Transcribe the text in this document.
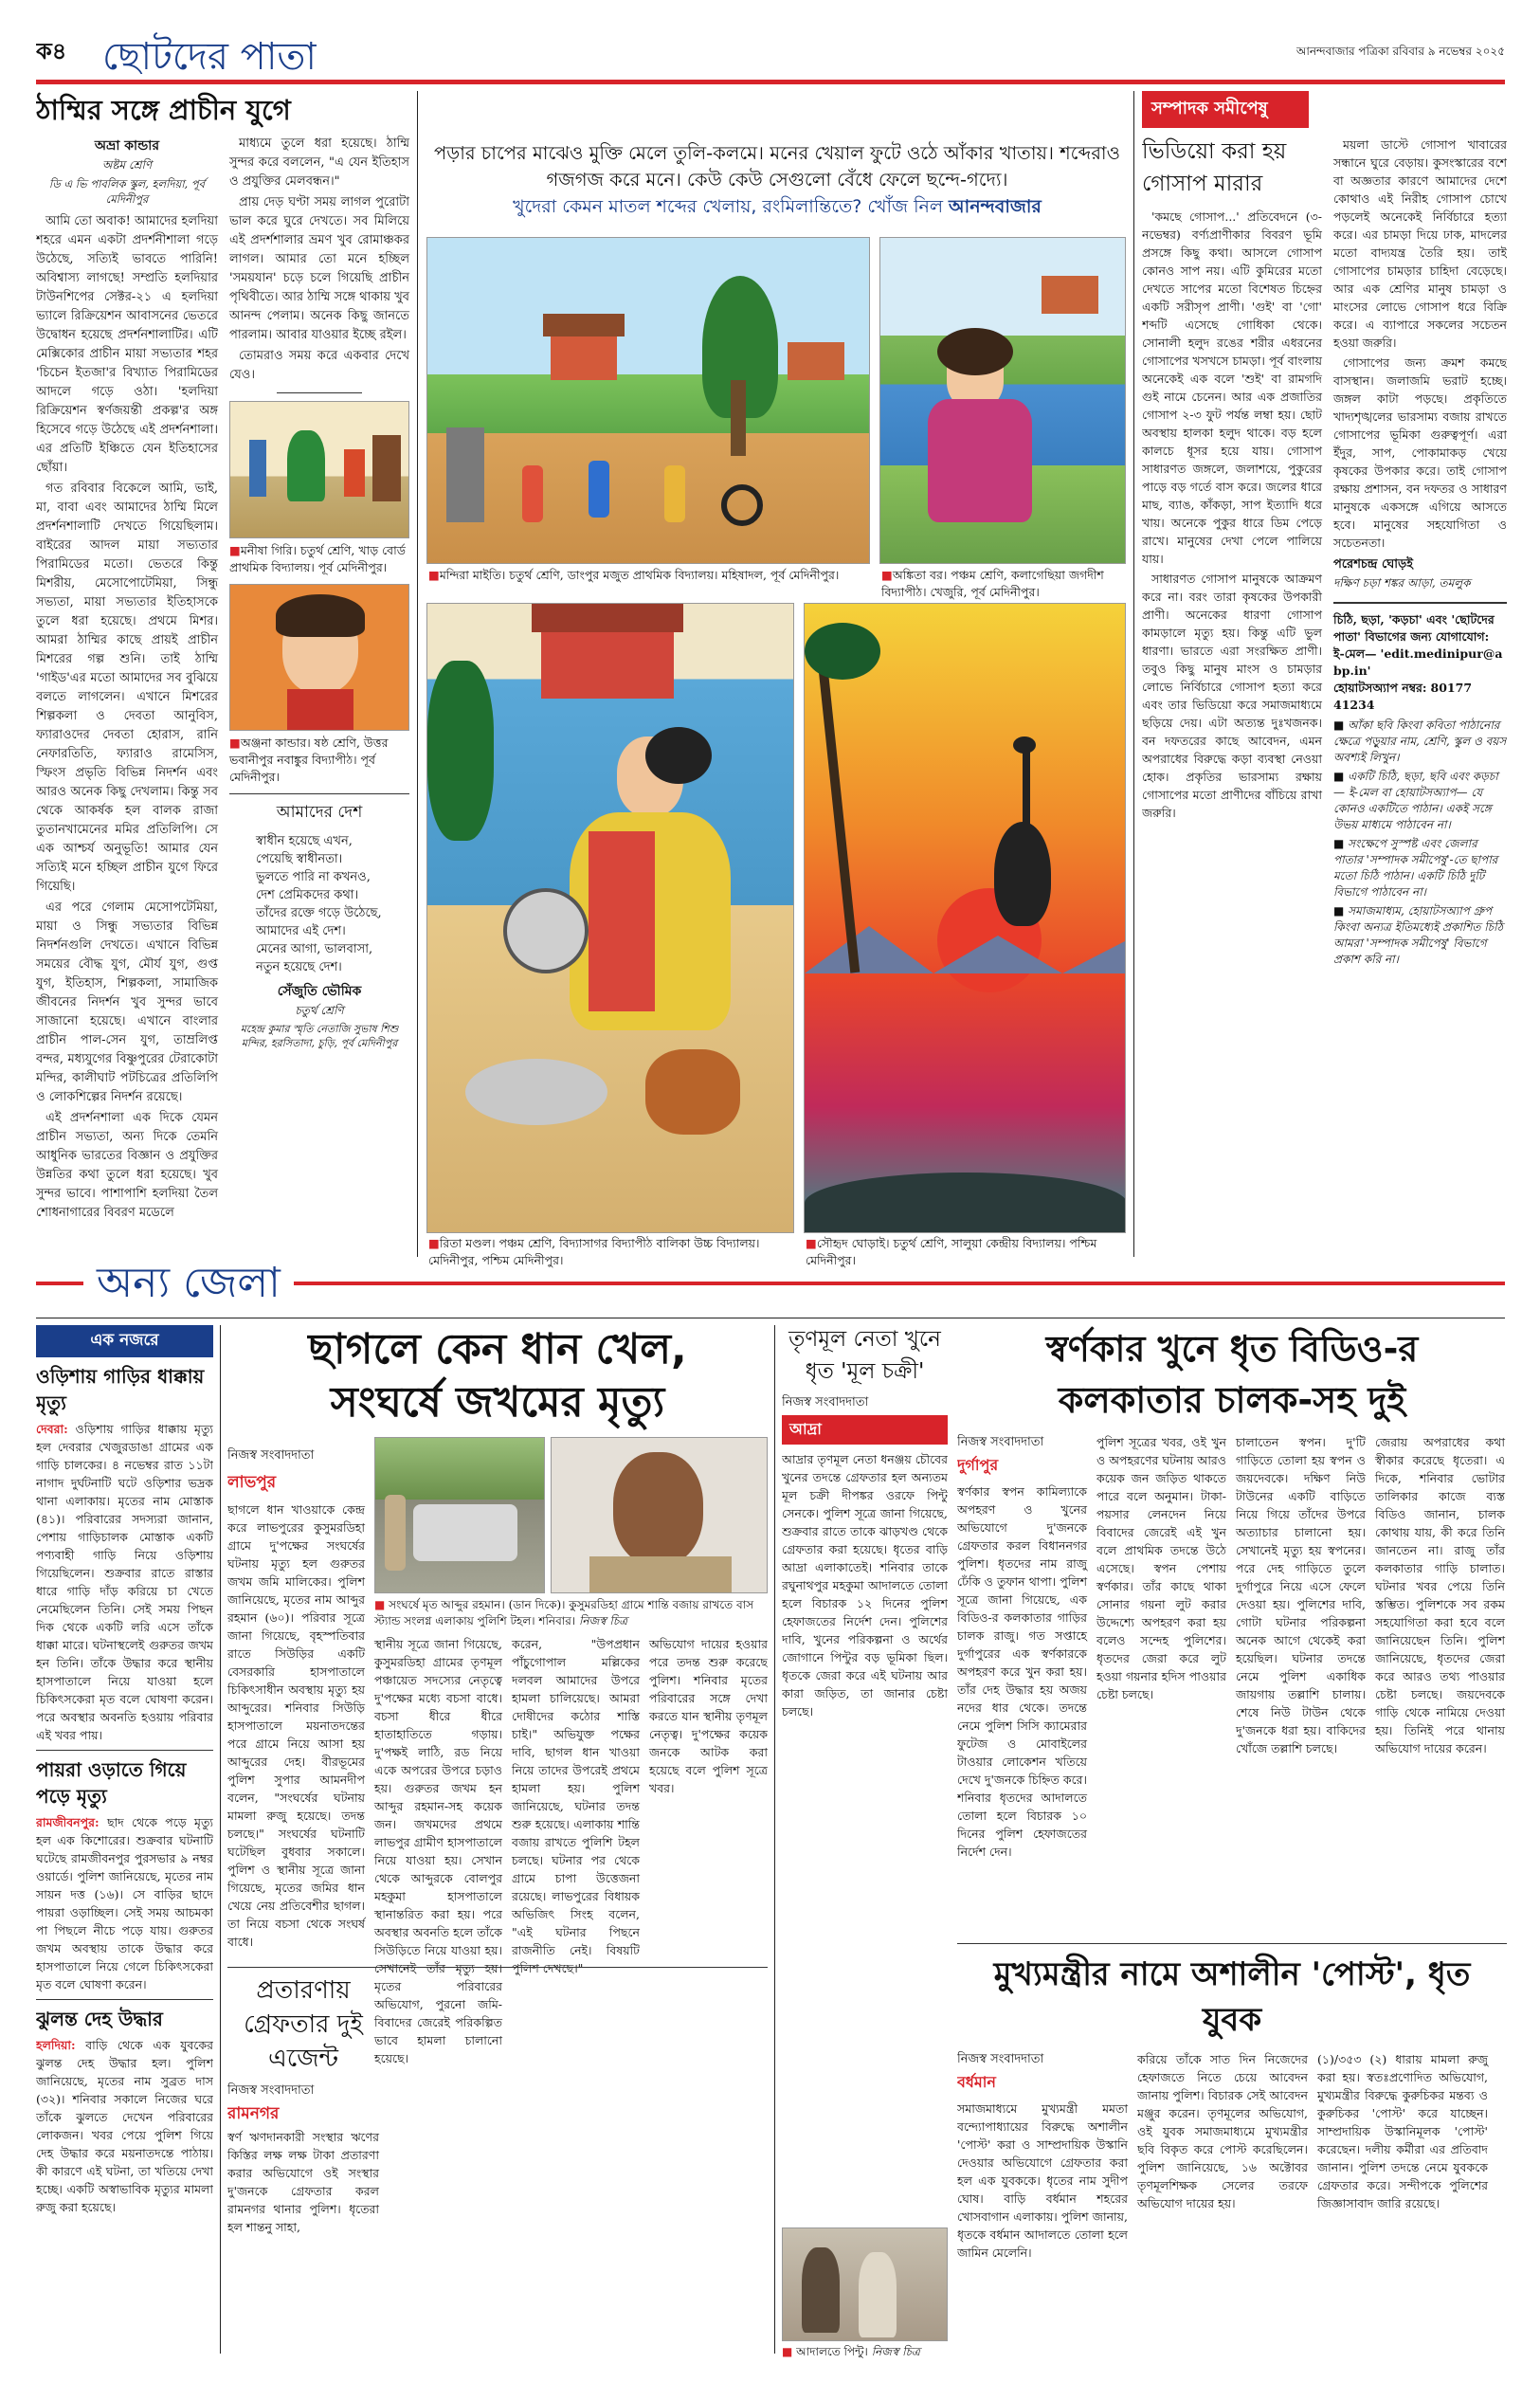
ক৪ ছোটদের পাতা	আনন্দবাজার পত্রিকা রবিবার ৯ নভেম্বর ২০২৫
ঠাম্মির সঙ্গে প্রাচীন যুগে
অভ্রা কান্ডার
অষ্টম শ্রেণি
ডি এ ভি পাবলিক স্কুল, হলদিয়া, পূর্ব মেদিনীপুর

আমি তো অবাক! আমাদের হলদিয়া শহরে এমন একটা প্রদর্শনীশালা গড়ে উঠেছে, সত্যিই ভাবতে পারিনি! অবিশ্বাস্য লাগছে! সম্প্রতি হলদিয়ার টাউনশিপের সেক্টর-২১ এ হলদিয়া ভ্যালে রিক্রিয়েশন আবাসনের ভেতরে উদ্বোধন হয়েছে প্রদর্শনশালাটির। এটি মেক্সিকোর প্রাচীন মায়া সভ্যতার শহর 'চিচেন ইতজা'র বিখ্যাত পিরামিডের আদলে গড়ে ওঠা। 'হলদিয়া রিক্রিয়েশন স্বর্ণজয়ন্তী প্রকল্প'র অঙ্গ হিসেবে গড়ে উঠেছে এই প্রদর্শনশালা। এর প্রতিটি ইঞ্চিতে যেন ইতিহাসের ছোঁয়া।

গত রবিবার বিকেলে আমি, ভাই, মা, বাবা এবং আমাদের ঠাম্মি মিলে প্রদর্শনশালাটি দেখতে গিয়েছিলাম। বাইরের আদল মায়া সভ্যতার পিরামিডের মতো। ভেতরে কিন্তু মিশরীয়, মেসোপোটেমিয়া, সিন্ধু সভ্যতা, মায়া সভ্যতার ইতিহাসকে তুলে ধরা হয়েছে। প্রথমে মিশর। আমরা ঠাম্মির কাছে প্রায়ই প্রাচীন মিশরের গল্প শুনি। তাই ঠাম্মি 'গাইড'এর মতো আমাদের সব বুঝিয়ে বলতে লাগলেন। এখানে মিশরের শিল্পকলা ও দেবতা আনুবিস, ফ্যারাওদের দেবতা হোরাস, রানি নেফারতিতি, ফ্যারাও রামেসিস, স্ফিংস প্রভৃতি বিভিন্ন নিদর্শন এবং আরও অনেক কিছু দেখলাম। কিন্তু সব থেকে আকর্ষক হল বালক রাজা তুতানখামেনের মমির প্রতিলিপি। সে এক আশ্চর্য অনুভূতি! আমার যেন সত্যিই মনে হচ্ছিল প্রাচীন যুগে ফিরে গিয়েছি।

এর পরে গেলাম মেসোপটেমিয়া, মায়া ও সিন্ধু সভ্যতার বিভিন্ন নিদর্শনগুলি দেখতে। এখানে বিভিন্ন সময়ের বৌদ্ধ যুগ, মৌর্য যুগ, গুপ্ত যুগ, ইতিহাস, শিল্পকলা, সামাজিক জীবনের নিদর্শন খুব সুন্দর ভাবে সাজানো হয়েছে। এখানে বাংলার প্রাচীন পাল-সেন যুগ, তাম্রলিপ্ত বন্দর, মধ্যযুগের বিষ্ণুপুরের টেরাকোটা মন্দির, কালীঘাট পটচিত্রের প্রতিলিপি ও লোকশিল্পের নিদর্শন রয়েছে।

এই প্রদর্শনশালা এক দিকে যেমন প্রাচীন সভ্যতা, অন্য দিকে তেমনি আধুনিক ভারতের বিজ্ঞান ও প্রযুক্তির উন্নতির কথা তুলে ধরা হয়েছে। খুব সুন্দর ভাবে। পাশাপাশি হলদিয়া তৈল শোধনাগারের বিবরণ মডেলে

মাধ্যমে তুলে ধরা হয়েছে। ঠাম্মি সুন্দর করে বললেন, "এ যেন ইতিহাস ও প্রযুক্তির মেলবন্ধন।"

প্রায় দেড় ঘণ্টা সময় লাগল পুরোটা ভাল করে ঘুরে দেখতে। সব মিলিয়ে এই প্রদর্শশালার ভ্রমণ খুব রোমাঞ্চকর লাগল। আমার তো মনে হচ্ছিল 'সময়যান' চড়ে চলে গিয়েছি প্রাচীন পৃথিবীতে। আর ঠাম্মি সঙ্গে থাকায় খুব আনন্দ পেলাম। অনেক কিছু জানতে পারলাম। আবার যাওয়ার ইচ্ছে রইল।

তোমরাও সময় করে একবার দেখে যেও।

■ মনীষা গিরি। চতুর্থ শ্রেণি, খাড় বোর্ড প্রাথমিক বিদ্যালয়। পূর্ব মেদিনীপুর।
■ অঞ্জনা কান্ডার। ষষ্ঠ শ্রেণি, উত্তর ভবানীপুর নবাঙ্কুর বিদ্যাপীঠ। পূর্ব মেদিনীপুর।
আমাদের দেশ
স্বাধীন হয়েছে এখন,
পেয়েছি স্বাধীনতা।
ভুলতে পারি না কখনও,
দেশ প্রেমিকদের কথা।
তাঁদের রক্তে গড়ে উঠেছে,
আমাদের এই দেশ।
মেনের আগা, ভালবাসা,
নতুন হয়েছে দেশ।
সেঁজুতি ভৌমিক
চতুর্থ শ্রেণি
মহেন্দ্র কুমার স্মৃতি নেতাজি সুভাষ শিশু মন্দির, হরসিতাদা, চুড়ি, পূর্ব মেদিনীপুর
পড়ার চাপের মাঝেও মুক্তি মেলে তুলি-কলমে। মনের খেয়াল ফুটে ওঠে আঁকার খাতায়। শব্দেরাও গজগজ করে মনে। কেউ কেউ সেগুলো বেঁধে ফেলে ছন্দে-গদ্যে।
খুদেরা কেমন মাতল শব্দের খেলায়, রংমিলান্তিতে? খোঁজ নিল আনন্দবাজার
■ মন্দিরা মাইতি। চতুর্থ শ্রেণি, ডাংপুর মজুত প্রাথমিক বিদ্যালয়। মহিষাদল, পূর্ব মেদিনীপুর।	■ অঙ্কিতা বর। পঞ্চম শ্রেণি, কলাগেছিয়া জগদীশ বিদ্যাপীঠ। খেজুরি, পূর্ব মেদিনীপুর।
■ রিতা মণ্ডল। পঞ্চম শ্রেণি, বিদ্যাসাগর বিদ্যাপীঠ বালিকা উচ্চ বিদ্যালয়। মেদিনীপুর, পশ্চিম মেদিনীপুর।
■ সৌহৃদ ঘোড়াই। চতুর্থ শ্রেণি, সালুয়া কেন্দ্রীয় বিদ্যালয়। পশ্চিম মেদিনীপুর।
সম্পাদক সমীপেষু
ভিডিয়ো করা হয় গোসাপ মারার

'কমছে গোসাপ...' প্রতিবেদনে (৩-নভেম্বর) বর্ণ্যপ্রাণীকার বিবরণ ভূমি প্রসঙ্গে কিছু কথা। আসলে গোসাপ কোনও সাপ নয়। এটি কুমিরের মতো দেখতে সাপের মতো বিশেষত চিহ্নের একটি সরীসৃপ প্রাণী। 'গুই' বা 'গো' শব্দটি এসেছে গোধিকা থেকে। সোনালী হলুদ রঙের শরীর এধরনের গোসাপের খসখসে চামড়া। পূর্ব বাংলায় অনেকেই এক বলে 'শুই' বা রামগদি গুই নামে চেনেন। আর এক প্রজাতির গোসাপ ২-৩ ফুট পর্যন্ত লম্বা হয়। ছোট অবস্থায় হালকা হলুদ থাকে। বড় হলে কালচে ধূসর হয়ে যায়। গোসাপ সাধারণত জঙ্গলে, জলাশয়ে, পুকুরের পাড়ে বড় গর্তে বাস করে। জলের ধারে মাছ, ব্যাঙ, কাঁকড়া, সাপ ইত্যাদি ধরে খায়। অনেকে পুকুর ধারে ডিম পেড়ে রাখে। মানুষের দেখা পেলে পালিয়ে যায়।

সাধারণত গোসাপ মানুষকে আক্রমণ করে না। বরং তারা কৃষকের উপকারী প্রাণী। অনেকের ধারণা গোসাপ কামড়ালে মৃত্যু হয়। কিন্তু এটি ভুল ধারণা। ভারতে এরা সংরক্ষিত প্রাণী। তবুও কিছু মানুষ মাংস ও চামড়ার লোভে নির্বিচারে গোসাপ হত্যা করে এবং তার ভিডিয়ো করে সমাজমাধ্যমে ছড়িয়ে দেয়। এটা অত্যন্ত দুঃখজনক। বন দফতরের কাছে আবেদন, এমন অপরাধের বিরুদ্ধে কড়া ব্যবস্থা নেওয়া হোক। প্রকৃতির ভারসাম্য রক্ষায় গোসাপের মতো প্রাণীদের বাঁচিয়ে রাখা জরুরি।

ময়লা ডাস্টে গোসাপ খাবারের সন্ধানে ঘুরে বেড়ায়। কুসংস্কারের বশে বা অজ্ঞতার কারণে আমাদের দেশে কোথাও এই নিরীহ গোসাপ চোখে পড়লেই অনেকেই নির্বিচারে হত্যা করে। এর চামড়া দিয়ে ঢাক, মাদলের মতো বাদ্যযন্ত্র তৈরি হয়। তাই গোসাপের চামড়ার চাহিদা বেড়েছে। আর এক শ্রেণির মানুষ চামড়া ও মাংসের লোভে গোসাপ ধরে বিক্রি করে। এ ব্যাপারে সকলের সচেতন হওয়া জরুরি।

গোসাপের জন্য ক্রমশ কমছে বাসস্থান। জলাজমি ভরাট হচ্ছে। জঙ্গল কাটা পড়ছে। প্রকৃতিতে খাদ্যশৃঙ্খলের ভারসাম্য বজায় রাখতে গোসাপের ভূমিকা গুরুত্বপূর্ণ। এরা ইঁদুর, সাপ, পোকামাকড় খেয়ে কৃষকের উপকার করে। তাই গোসাপ রক্ষায় প্রশাসন, বন দফতর ও সাধারণ মানুষকে একসঙ্গে এগিয়ে আসতে হবে। মানুষের সহযোগিতা ও সচেতনতা।

পরেশচন্দ্র ঘোড়ই
দক্ষিণ চড়া শঙ্কর আড়া, তমলুক
চিঠি, ছড়া, 'কড়চা' এবং 'ছোটদের পাতা' বিভাগের জন্য যোগাযোগ:
ই-মেল— 'edit.medinipur@abp.in'
হোয়াটসঅ্যাপ নম্বর: 80177 41234
■ আঁকা ছবি কিংবা কবিতা পাঠানোর ক্ষেত্রে পড়ুয়ার নাম, শ্রেণি, স্কুল ও বয়স অবশ্যই লিখুন।
■ একটি চিঠি, ছড়া, ছবি এবং কড়চা— ই-মেল বা হোয়াটসঅ্যাপ— যে কোনও একটিতে পাঠান। একই সঙ্গে উভয় মাধ্যমে পাঠাবেন না।
■ সংক্ষেপে সুস্পষ্ট এবং জেলার পাতার 'সম্পাদক সমীপেষু'-তে ছাপার মতো চিঠি পাঠান। একটি চিঠি দুটি বিভাগে পাঠাবেন না।
■ সমাজমাধ্যম, হোয়াটসঅ্যাপ গ্রুপ কিংবা অন্যত্র ইতিমধ্যেই প্রকাশিত চিঠি আমরা 'সম্পাদক সমীপেষু' বিভাগে প্রকাশ করি না।
অন্য জেলা
এক নজরে
ওড়িশায় গাড়ির ধাক্কায় মৃত্যু
দেবরা: ওড়িশায় গাড়ির ধাক্কায় মৃত্যু হল দেবরার খেজুরডাঙা গ্রামের এক গাড়ি চালকের। ৪ নভেম্বর রাত ১১টা নাগাদ দুর্ঘটনাটি ঘটে ওড়িশার ভদ্রক থানা এলাকায়। মৃতের নাম মোস্তাক (৪১)। পরিবারের সদস্যরা জানান, পেশায় গাড়িচালক মোস্তাক একটি পণ্যবাহী গাড়ি নিয়ে ওড়িশায় গিয়েছিলেন। শুক্রবার রাতে রাস্তার ধারে গাড়ি দাঁড় করিয়ে চা খেতে নেমেছিলেন তিনি। সেই সময় পিছন দিক থেকে একটি লরি এসে তাঁকে ধাক্কা মারে। ঘটনাস্থলেই গুরুতর জখম হন তিনি। তাঁকে উদ্ধার করে স্থানীয় হাসপাতালে নিয়ে যাওয়া হলে চিকিৎসকেরা মৃত বলে ঘোষণা করেন। পরে অবস্থার অবনতি হওয়ায় পরিবার এই খবর পায়।
পায়রা ওড়াতে গিয়ে পড়ে মৃত্যু
রামজীবনপুর: ছাদ থেকে পড়ে মৃত্যু হল এক কিশোরের। শুক্রবার ঘটনাটি ঘটেছে রামজীবনপুর পুরসভার ৯ নম্বর ওয়ার্ডে। পুলিশ জানিয়েছে, মৃতের নাম সায়ন দত্ত (১৬)। সে বাড়ির ছাদে পায়রা ওড়াচ্ছিল। সেই সময় আচমকা পা পিছলে নীচে পড়ে যায়। গুরুতর জখম অবস্থায় তাকে উদ্ধার করে হাসপাতালে নিয়ে গেলে চিকিৎসকেরা মৃত বলে ঘোষণা করেন।
ঝুলন্ত দেহ উদ্ধার
হলদিয়া: বাড়ি থেকে এক যুবকের ঝুলন্ত দেহ উদ্ধার হল। পুলিশ জানিয়েছে, মৃতের নাম সুব্রত দাস (৩২)। শনিবার সকালে নিজের ঘরে তাঁকে ঝুলতে দেখেন পরিবারের লোকজন। খবর পেয়ে পুলিশ গিয়ে দেহ উদ্ধার করে ময়নাতদন্তে পাঠায়। কী কারণে এই ঘটনা, তা খতিয়ে দেখা হচ্ছে। একটি অস্বাভাবিক মৃত্যুর মামলা রুজু করা হয়েছে।
ছাগলে কেন ধান খেল, সংঘর্ষে জখমের মৃত্যু
নিজস্ব সংবাদদাতা
লাভপুর
ছাগলে ধান খাওয়াকে কেন্দ্র করে লাভপুরের কুসুমরডিহা গ্রামে দু'পক্ষের সংঘর্ষের ঘটনায় মৃত্যু হল গুরুতর জখম জমি মালিকের। পুলিশ জানিয়েছে, মৃতের নাম আব্দুর রহমান (৬০)। পরিবার সূত্রে জানা গিয়েছে, বৃহস্পতিবার রাতে সিউড়ির একটি বেসরকারি হাসপাতালে চিকিৎসাধীন অবস্থায় মৃত্যু হয় আব্দুরের। শনিবার সিউড়ি হাসপাতালে ময়নাতদন্তের পরে গ্রামে নিয়ে আসা হয় আব্দুরের দেহ। বীরভূমের পুলিশ সুপার আমনদীপ বলেন, "সংঘর্ষের ঘটনায় মামলা রুজু হয়েছে। তদন্ত চলছে।" সংঘর্ষের ঘটনাটি ঘটেছিল বুধবার সকালে। পুলিশ ও স্থানীয় সূত্রে জানা গিয়েছে, মৃতের জমির ধান খেয়ে নেয় প্রতিবেশীর ছাগল। তা নিয়ে বচসা থেকে সংঘর্ষ বাধে।
■ সংঘর্ষে মৃত আব্দুর রহমান। (ডান দিকে)। কুসুমরডিহা গ্রামে শান্তি বজায় রাখতে বাস স্ট্যান্ড সংলগ্ন এলাকায় পুলিশি টহল। শনিবার। নিজস্ব চিত্র
স্থানীয় সূত্রে জানা গিয়েছে, কুসুমরডিহা গ্রামের তৃণমূল পঞ্চায়েত সদস্যের নেতৃত্বে দু'পক্ষের মধ্যে বচসা বাধে। বচসা ধীরে ধীরে হাতাহাতিতে গড়ায়। দু'পক্ষই লাঠি, রড নিয়ে একে অপরের উপরে চড়াও হয়। গুরুতর জখম হন আব্দুর রহমান-সহ কয়েক জন। জখমদের প্রথমে লাভপুর গ্রামীণ হাসপাতালে নিয়ে যাওয়া হয়। সেখান থেকে আব্দুরকে বোলপুর মহকুমা হাসপাতালে স্থানান্তরিত করা হয়। পরে অবস্থার অবনতি হলে তাঁকে সিউড়িতে নিয়ে যাওয়া হয়। সেখানেই তাঁর মৃত্যু হয়। মৃতের পরিবারের অভিযোগ, পুরনো জমি-বিবাদের জেরেই পরিকল্পিত ভাবে হামলা চালানো হয়েছে।
করেন, "উপপ্রধান পাঁচুগোপাল মল্লিকের দলবল আমাদের উপরে হামলা চালিয়েছে। আমরা দোষীদের কঠোর শাস্তি চাই।" অভিযুক্ত পক্ষের দাবি, ছাগল ধান খাওয়া নিয়ে তাদের উপরেই প্রথমে হামলা হয়। পুলিশ জানিয়েছে, ঘটনার তদন্ত শুরু হয়েছে। এলাকায় শান্তি বজায় রাখতে পুলিশি টহল চলছে। ঘটনার পর থেকে গ্রামে চাপা উত্তেজনা রয়েছে। লাভপুরের বিধায়ক অভিজিৎ সিংহ বলেন, "এই ঘটনার পিছনে রাজনীতি নেই। বিষয়টি পুলিশ দেখছে।"
অভিযোগ দায়ের হওয়ার পরে তদন্ত শুরু করেছে পুলিশ। শনিবার মৃতের পরিবারের সঙ্গে দেখা করতে যান স্থানীয় তৃণমূল নেতৃত্ব। দু'পক্ষের কয়েক জনকে আটক করা হয়েছে বলে পুলিশ সূত্রে খবর।
প্রতারণায় গ্রেফতার দুই এজেন্ট
নিজস্ব সংবাদদাতা
রামনগর
স্বর্ণ ঋণদানকারী সংস্থার ঋণের কিস্তির লক্ষ লক্ষ টাকা প্রতারণা করার অভিযোগে ওই সংস্থার দু'জনকে গ্রেফতার করল রামনগর থানার পুলিশ। ধৃতেরা হল শান্তনু সাহা,
তৃণমূল নেতা খুনে ধৃত 'মূল চক্রী'
নিজস্ব সংবাদদাতা
আদ্রা
আদ্রার তৃণমূল নেতা ধনঞ্জয় চৌবের খুনের তদন্তে গ্রেফতার হল অন্যতম মূল চক্রী দীপঙ্কর ওরফে পিন্টু সেনকে। পুলিশ সূত্রে জানা গিয়েছে, শুক্রবার রাতে তাকে ঝাড়খণ্ড থেকে গ্রেফতার করা হয়েছে। ধৃতের বাড়ি আদ্রা এলাকাতেই। শনিবার তাকে রঘুনাথপুর মহকুমা আদালতে তোলা হলে বিচারক ১২ দিনের পুলিশ হেফাজতের নির্দেশ দেন। পুলিশের দাবি, খুনের পরিকল্পনা ও অর্থের জোগানে পিন্টুর বড় ভূমিকা ছিল। ধৃতকে জেরা করে এই ঘটনায় আর কারা জড়িত, তা জানার চেষ্টা চলছে।
স্বর্ণকার খুনে ধৃত বিডিও-র কলকাতার চালক-সহ দুই
নিজস্ব সংবাদদাতা
দুর্গাপুর
স্বর্ণকার স্বপন কামিল্যাকে অপহরণ ও খুনের অভিযোগে দু'জনকে গ্রেফতার করল বিধাননগর পুলিশ। ধৃতদের নাম রাজু ঢেঁকি ও তুফান থাপা। পুলিশ সূত্রে জানা গিয়েছে, এক বিডিও-র কলকাতার গাড়ির চালক রাজু। গত সপ্তাহে দুর্গাপুরের এক স্বর্ণকারকে অপহরণ করে খুন করা হয়। তাঁর দেহ উদ্ধার হয় অজয় নদের ধার থেকে। তদন্তে নেমে পুলিশ সিসি ক্যামেরার ফুটেজ ও মোবাইলের টাওয়ার লোকেশন খতিয়ে দেখে দু'জনকে চিহ্নিত করে। শনিবার ধৃতদের আদালতে তোলা হলে বিচারক ১০ দিনের পুলিশ হেফাজতের নির্দেশ দেন।
পুলিশ সূত্রের খবর, ওই খুন ও অপহরণের ঘটনায় আরও কয়েক জন জড়িত থাকতে পারে বলে অনুমান। টাকা-পয়সার লেনদেন নিয়ে বিবাদের জেরেই এই খুন বলে প্রাথমিক তদন্তে উঠে এসেছে। স্বপন পেশায় স্বর্ণকার। তাঁর কাছে থাকা সোনার গয়না লুট করার উদ্দেশ্যে অপহরণ করা হয় বলেও সন্দেহ পুলিশের। ধৃতদের জেরা করে লুট হওয়া গয়নার হদিস পাওয়ার চেষ্টা চলছে।
চালাতেন স্বপন। দু'টি গাড়িতে তোলা হয় স্বপন ও জয়দেবকে। দক্ষিণ নিউ টাউনের একটি বাড়িতে নিয়ে গিয়ে তাঁদের উপরে অত্যাচার চালানো হয়। সেখানেই মৃত্যু হয় স্বপনের। পরে দেহ গাড়িতে তুলে দুর্গাপুরে নিয়ে এসে ফেলে দেওয়া হয়। পুলিশের দাবি, গোটা ঘটনার পরিকল্পনা অনেক আগে থেকেই করা হয়েছিল। ঘটনার তদন্তে নেমে পুলিশ একাধিক জায়গায় তল্লাশি চালায়। শেষে নিউ টাউন থেকে দু'জনকে ধরা হয়। বাকিদের খোঁজে তল্লাশি চলছে।
জেরায় অপরাধের কথা স্বীকার করেছে ধৃতেরা। এ দিকে, শনিবার ভোটার তালিকার কাজে ব্যস্ত বিডিও জানান, চালক কোথায় যায়, কী করে তিনি জানতেন না। রাজু তাঁর কলকাতার গাড়ি চালাত। ঘটনার খবর পেয়ে তিনি স্তম্ভিত। পুলিশকে সব রকম সহযোগিতা করা হবে বলে জানিয়েছেন তিনি। পুলিশ জানিয়েছে, ধৃতদের জেরা করে আরও তথ্য পাওয়ার চেষ্টা চলছে। জয়দেবকে গাড়ি থেকে নামিয়ে দেওয়া হয়। তিনিই পরে থানায় অভিযোগ দায়ের করেন।
■ আদালতে পিন্টু। নিজস্ব চিত্র
মুখ্যমন্ত্রীর নামে অশালীন 'পোস্ট', ধৃত যুবক
নিজস্ব সংবাদদাতা
বর্ধমান
সমাজমাধ্যমে মুখ্যমন্ত্রী মমতা বন্দ্যোপাধ্যায়ের বিরুদ্ধে অশালীন 'পোস্ট' করা ও সাম্প্রদায়িক উস্কানি দেওয়ার অভিযোগে গ্রেফতার করা হল এক যুবককে। ধৃতের নাম সুদীপ ঘোষ। বাড়ি বর্ধমান শহরের খোসবাগান এলাকায়। পুলিশ জানায়, ধৃতকে বর্ধমান আদালতে তোলা হলে জামিন মেলেনি।
করিয়ে তাঁকে সাত দিন নিজেদের হেফাজতে নিতে চেয়ে আবেদন জানায় পুলিশ। বিচারক সেই আবেদন মঞ্জুর করেন। তৃণমূলের অভিযোগ, ওই যুবক সমাজমাধ্যমে মুখ্যমন্ত্রীর ছবি বিকৃত করে পোস্ট করেছিলেন। পুলিশ জানিয়েছে, ১৬ অক্টোবর তৃণমূলশিক্ষক সেলের তরফে অভিযোগ দায়ের হয়।
(১)/৩৫৩ (২) ধারায় মামলা রুজু করা হয়। স্বতঃপ্রণোদিত অভিযোগ, মুখ্যমন্ত্রীর বিরুদ্ধে কুরুচিকর মন্তব্য ও কুরুচিকর 'পোস্ট' করে যাচ্ছেন। সাম্প্রদায়িক উস্কানিমূলক 'পোস্ট' করেছেন। দলীয় কর্মীরা এর প্রতিবাদ জানান। পুলিশ তদন্তে নেমে যুবককে গ্রেফতার করে। সন্দীপকে পুলিশের জিজ্ঞাসাবাদ জারি রয়েছে।
